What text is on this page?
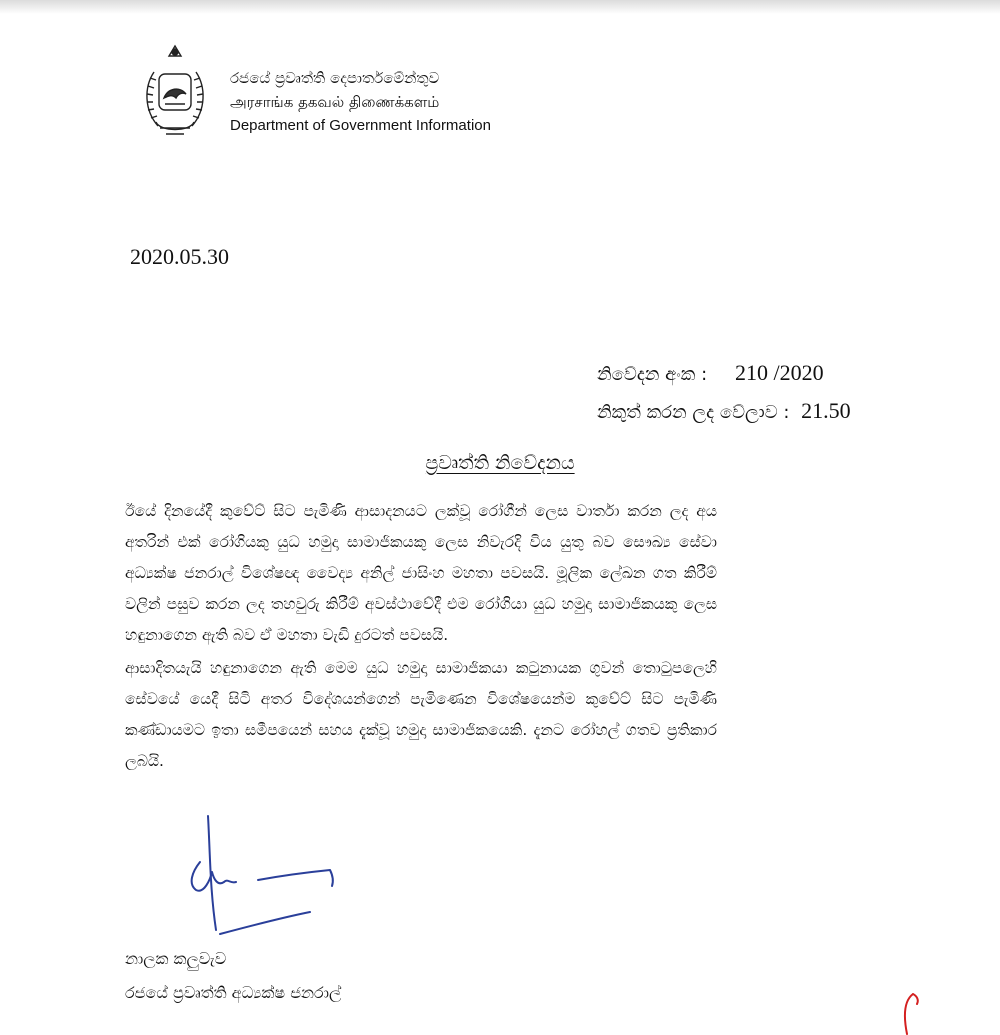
රජයේ ප්‍රවෘත්ති දෙපාර්තමේන්තුව
அரசாங்க தகவல் திணைக்களம்
Department of Government Information
2020.05.30
නිවේදන අංක : 210 /2020
නිකුත් කරන ලද වේලාව : 21.50
ප්‍රවෘත්ති නිවේදනය
ඊයේ දිනයේදී කුවේට් සිට පැමිණි ආසාදනයට ලක්වූ රෝගීන් ලෙස වාර්තා කරන ලද අය අතරින් එක් රෝගියකු යුධ හමුදා සාමාජිකයකු ලෙස නිවැරදි විය යුතු බව සෞඛ්‍ය සේවා අධ්‍යක්ෂ ජනරාල් විශේෂඥ වෛද්‍ය අනිල් ජාසිංහ මහතා පවසයි. මූලික ලේඛන ගත කිරීම් වලින් පසුව කරන ලද තහවුරු කිරීම් අවස්ථාවේදී එම රෝගියා යුධ හමුදා සාමාජිකයකු ලෙස හඳුනාගෙන ඇති බව ඒ මහතා වැඩි දුරටත් පවසයි.
ආසාදිතයැයි හඳුනාගෙන ඇති මෙම යුධ හමුදා සාමාජිකයා කටුනායක ගුවන් තොටුපලෙහි සේවයේ යෙදී සිටි අතර විදේශයන්ගෙන් පැමිණෙන විශේෂයෙන්ම කුවේට් සිට පැමිණි කණ්ඩායමට ඉතා සමීපයෙන් සහය දැක්වූ හමුදා සාමාජිකයෙකි. දැනට රෝහල් ගතව ප්‍රතිකාර ලබයි.
නාලක කලුවැව
රජයේ ප්‍රවෘත්ති අධ්‍යක්ෂ ජනරාල්
